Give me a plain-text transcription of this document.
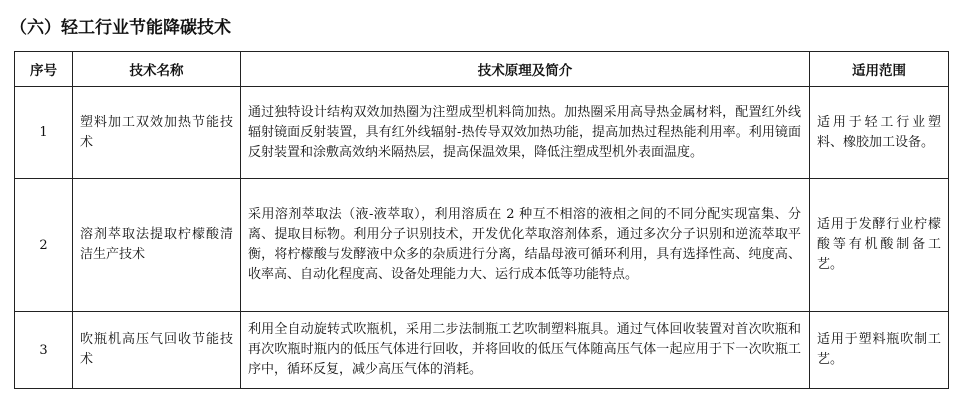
（六）轻工行业节能降碳技术
序号	技术名称	技术原理及简介	适用范围
1	塑料加工双效加热节能技术	通过独特设计结构双效加热圈为注塑成型机料筒加热。加热圈采用高导热金属材料，配置红外线辐射镜面反射装置，具有红外线辐射-热传导双效加热功能，提高加热过程热能利用率。利用镜面反射装置和涂敷高效纳米隔热层，提高保温效果，降低注塑成型机外表面温度。	适用于轻工行业塑料、橡胶加工设备。
2	溶剂萃取法提取柠檬酸清洁生产技术	采用溶剂萃取法（液-液萃取），利用溶质在 2 种互不相溶的液相之间的不同分配实现富集、分离、提取目标物。利用分子识别技术，开发优化萃取溶剂体系，通过多次分子识别和逆流萃取平衡，将柠檬酸与发酵液中众多的杂质进行分离，结晶母液可循环利用，具有选择性高、纯度高、收率高、自动化程度高、设备处理能力大、运行成本低等功能特点。	适用于发酵行业柠檬酸等有机酸制备工艺。
3	吹瓶机高压气回收节能技术	利用全自动旋转式吹瓶机，采用二步法制瓶工艺吹制塑料瓶具。通过气体回收装置对首次吹瓶和再次吹瓶时瓶内的低压气体进行回收，并将回收的低压气体随高压气体一起应用于下一次吹瓶工序中，循环反复，减少高压气体的消耗。	适用于塑料瓶吹制工艺。
